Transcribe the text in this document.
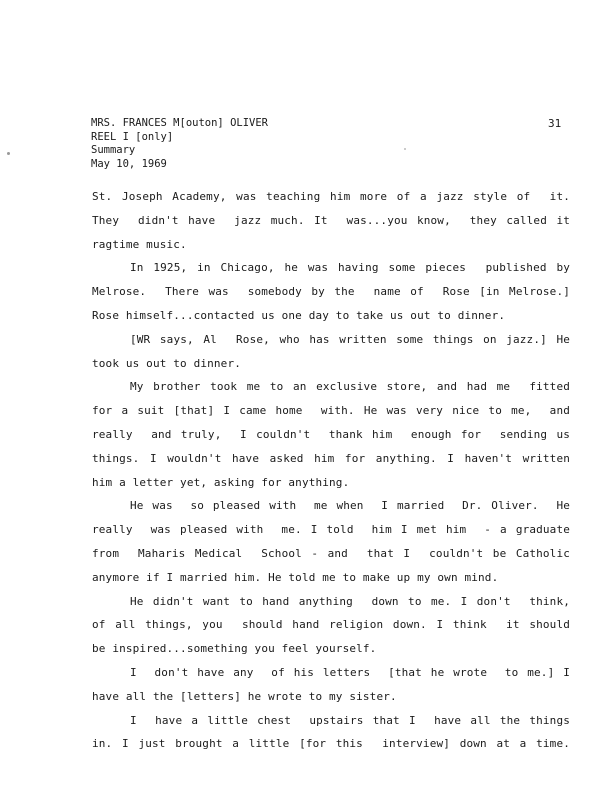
MRS. FRANCES M[outon] OLIVER
REEL I [only]
Summary
May 10, 1969
31
St. Joseph Academy, was teaching him more of a jazz style of  it.
They  didn't have  jazz much. It  was...you know,  they called it
ragtime music.
In 1925, in Chicago, he was having some pieces  published by
Melrose.  There was  somebody by the  name of  Rose [in Melrose.]
Rose himself...contacted us one day to take us out to dinner.
[WR says, Al  Rose, who has written some things on jazz.] He
took us out to dinner.
My brother took me to an exclusive store, and had me  fitted
for a suit [that] I came home  with. He was very nice to me,  and
really  and truly,  I couldn't  thank him  enough for  sending us
things. I wouldn't have asked him for anything. I haven't written
him a letter yet, asking for anything.
He was  so pleased with  me when  I married  Dr. Oliver.  He
really  was pleased with  me. I told  him I met him  - a graduate
from  Maharis Medical  School - and  that I  couldn't be Catholic
anymore if I married him. He told me to make up my own mind.
He didn't want to hand anything  down to me. I don't  think,
of all things, you  should hand religion down. I think  it should
be inspired...something you feel yourself.
I  don't have any  of his letters  [that he wrote  to me.] I
have all the [letters] he wrote to my sister.
I  have a little chest  upstairs that I  have all the things
in. I just brought a little [for this  interview] down at a time.
